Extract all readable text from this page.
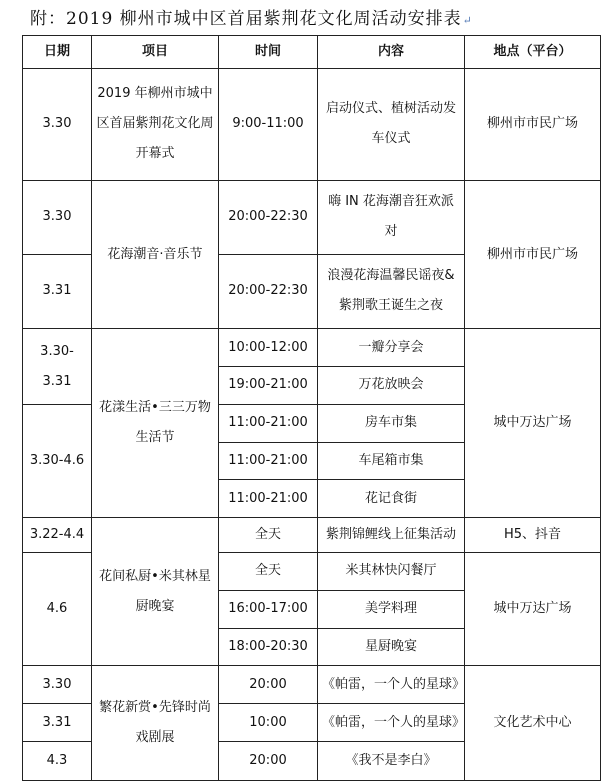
附：2019 柳州市城中区首届紫荆花文化周活动安排表↵
日期	项目	时间	内容	地点（平台）
3.30	2019 年柳州市城中区首届紫荆花文化周开幕式	9:00-11:00	启动仪式、植树活动发车仪式	柳州市市民广场
3.30	花海潮音·音乐节	20:00-22:30	嗨 IN 花海潮音狂欢派对	柳州市市民广场
3.31		20:00-22:30	浪漫花海温馨民谣夜&紫荆歌王诞生之夜	
3.30-3.31	花漾生活•三三万物生活节	10:00-12:00	一瓣分享会	城中万达广场
		19:00-21:00	万花放映会	
3.30-4.6		11:00-21:00	房车市集	
		11:00-21:00	车尾箱市集	
		11:00-21:00	花记食街	
3.22-4.4	花间私厨•米其林星厨晚宴	全天	紫荆锦鲤线上征集活动	H5、抖音
4.6		全天	米其林快闪餐厅	城中万达广场
		16:00-17:00	美学料理	
		18:00-20:30	星厨晚宴	
3.30	繁花新赏•先锋时尚戏剧展	20:00	《帕雷，一个人的星球》	文化艺术中心
3.31		10:00	《帕雷，一个人的星球》	
4.3		20:00	《我不是李白》	
